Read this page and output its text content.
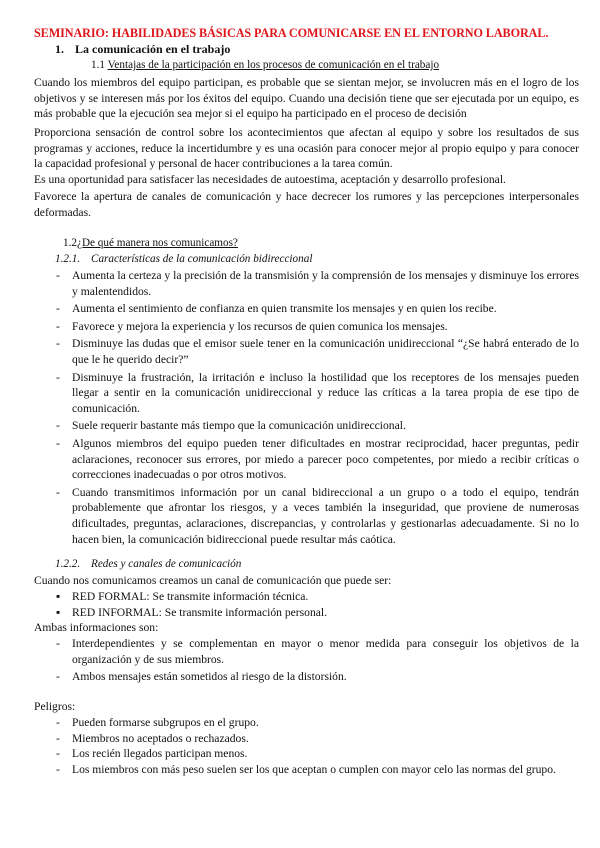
SEMINARIO: HABILIDADES BÁSICAS PARA COMUNICARSE EN EL ENTORNO LABORAL.
1. La comunicación en el trabajo
1.1 Ventajas de la participación en los procesos de comunicación en el trabajo
Cuando los miembros del equipo participan, es probable que se sientan mejor, se involucren más en el logro de los objetivos y se interesen más por los éxitos del equipo. Cuando una decisión tiene que ser ejecutada por un equipo, es más probable que la ejecución sea mejor si el equipo ha participado en el proceso de decisión
Proporciona sensación de control sobre los acontecimientos que afectan al equipo y sobre los resultados de sus programas y acciones, reduce la incertidumbre y es una ocasión para conocer mejor al propio equipo y para conocer la capacidad profesional y personal de hacer contribuciones a la tarea común.
Es una oportunidad para satisfacer las necesidades de autoestima, aceptación y desarrollo profesional.
Favorece la apertura de canales de comunicación y hace decrecer los rumores y las percepciones interpersonales deformadas.
1.2¿De qué manera nos comunicamos?
1.2.1. Características de la comunicación bidireccional
- Aumenta la certeza y la precisión de la transmisión y la comprensión de los mensajes y disminuye los errores y malentendidos.
- Aumenta el sentimiento de confianza en quien transmite los mensajes y en quien los recibe.
- Favorece y mejora la experiencia y los recursos de quien comunica los mensajes.
- Disminuye las dudas que el emisor suele tener en la comunicación unidireccional “¿Se habrá enterado de lo que le he querido decir?”
- Disminuye la frustración, la irritación e incluso la hostilidad que los receptores de los mensajes pueden llegar a sentir en la comunicación unidireccional y reduce las críticas a la tarea propia de ese tipo de comunicación.
- Suele requerir bastante más tiempo que la comunicación unidireccional.
- Algunos miembros del equipo pueden tener dificultades en mostrar reciprocidad, hacer preguntas, pedir aclaraciones, reconocer sus errores, por miedo a parecer poco competentes, por miedo a recibir críticas o correcciones inadecuadas o por otros motivos.
- Cuando transmitimos información por un canal bidireccional a un grupo o a todo el equipo, tendrán probablemente que afrontar los riesgos, y a veces también la inseguridad, que proviene de numerosas dificultades, preguntas, aclaraciones, discrepancias, y controlarlas y gestionarlas adecuadamente. Si no lo hacen bien, la comunicación bidireccional puede resultar más caótica.
1.2.2. Redes y canales de comunicación
Cuando nos comunicamos creamos un canal de comunicación que puede ser:
▪ RED FORMAL: Se transmite información técnica.
▪ RED INFORMAL: Se transmite información personal.
Ambas informaciones son:
- Interdependientes y se complementan en mayor o menor medida para conseguir los objetivos de la organización y de sus miembros.
- Ambos mensajes están sometidos al riesgo de la distorsión.
Peligros:
- Pueden formarse subgrupos en el grupo.
- Miembros no aceptados o rechazados.
- Los recién llegados participan menos.
- Los miembros con más peso suelen ser los que aceptan o cumplen con mayor celo las normas del grupo.
